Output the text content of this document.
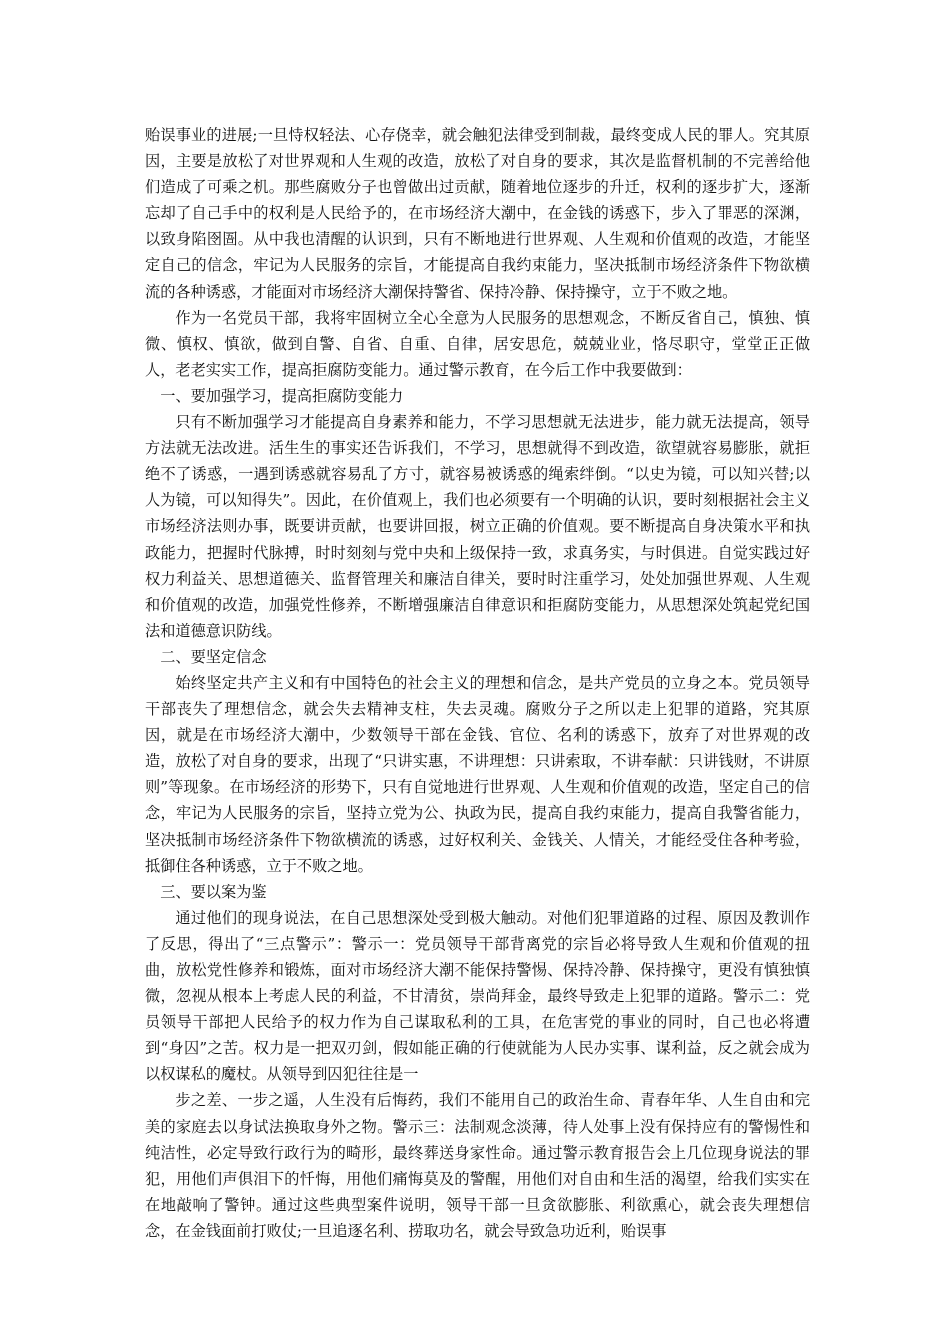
贻误事业的进展;一旦恃权轻法、心存侥幸，就会触犯法律受到制裁，最终变成人民的罪人。究其原因，主要是放松了对世界观和人生观的改造，放松了对自身的要求，其次是监督机制的不完善给他们造成了可乘之机。那些腐败分子也曾做出过贡献，随着地位逐步的升迁，权利的逐步扩大，逐渐忘却了自己手中的权利是人民给予的，在市场经济大潮中，在金钱的诱惑下，步入了罪恶的深渊，以致身陷囹圄。从中我也清醒的认识到，只有不断地进行世界观、人生观和价值观的改造，才能坚定自己的信念，牢记为人民服务的宗旨，才能提高自我约束能力，坚决抵制市场经济条件下物欲横流的各种诱惑，才能面对市场经济大潮保持警省、保持冷静、保持操守，立于不败之地。

作为一名党员干部，我将牢固树立全心全意为人民服务的思想观念，不断反省自己，慎独、慎微、慎权、慎欲，做到自警、自省、自重、自律，居安思危，兢兢业业，恪尽职守，堂堂正正做人，老老实实工作，提高拒腐防变能力。通过警示教育，在今后工作中我要做到：

一、要加强学习，提高拒腐防变能力

只有不断加强学习才能提高自身素养和能力，不学习思想就无法进步，能力就无法提高，领导方法就无法改进。活生生的事实还告诉我们，不学习，思想就得不到改造，欲望就容易膨胀，就拒绝不了诱惑，一遇到诱惑就容易乱了方寸，就容易被诱惑的绳索绊倒。“以史为镜，可以知兴替;以人为镜，可以知得失”。因此，在价值观上，我们也必须要有一个明确的认识，要时刻根据社会主义市场经济法则办事，既要讲贡献，也要讲回报，树立正确的价值观。要不断提高自身决策水平和执政能力，把握时代脉搏，时时刻刻与党中央和上级保持一致，求真务实，与时俱进。自觉实践过好权力利益关、思想道德关、监督管理关和廉洁自律关，要时时注重学习，处处加强世界观、人生观和价值观的改造，加强党性修养，不断增强廉洁自律意识和拒腐防变能力，从思想深处筑起党纪国法和道德意识防线。

二、要坚定信念

始终坚定共产主义和有中国特色的社会主义的理想和信念，是共产党员的立身之本。党员领导干部丧失了理想信念，就会失去精神支柱，失去灵魂。腐败分子之所以走上犯罪的道路，究其原因，就是在市场经济大潮中，少数领导干部在金钱、官位、名利的诱惑下，放弃了对世界观的改造，放松了对自身的要求，出现了“只讲实惠，不讲理想：只讲索取，不讲奉献：只讲钱财，不讲原则”等现象。在市场经济的形势下，只有自觉地进行世界观、人生观和价值观的改造，坚定自己的信念，牢记为人民服务的宗旨，坚持立党为公、执政为民，提高自我约束能力，提高自我警省能力，坚决抵制市场经济条件下物欲横流的诱惑，过好权利关、金钱关、人情关，才能经受住各种考验，抵御住各种诱惑，立于不败之地。

三、要以案为鉴

通过他们的现身说法，在自己思想深处受到极大触动。对他们犯罪道路的过程、原因及教训作了反思，得出了“三点警示”：警示一：党员领导干部背离党的宗旨必将导致人生观和价值观的扭曲，放松党性修养和锻炼，面对市场经济大潮不能保持警惕、保持冷静、保持操守，更没有慎独慎微，忽视从根本上考虑人民的利益，不甘清贫，崇尚拜金，最终导致走上犯罪的道路。警示二：党员领导干部把人民给予的权力作为自己谋取私利的工具，在危害党的事业的同时，自己也必将遭到“身囚”之苦。权力是一把双刃剑，假如能正确的行使就能为人民办实事、谋利益，反之就会成为以权谋私的魔杖。从领导到囚犯往往是一

步之差、一步之遥，人生没有后悔药，我们不能用自己的政治生命、青春年华、人生自由和完美的家庭去以身试法换取身外之物。警示三：法制观念淡薄，待人处事上没有保持应有的警惕性和纯洁性，必定导致行政行为的畸形，最终葬送身家性命。通过警示教育报告会上几位现身说法的罪犯，用他们声俱泪下的忏悔，用他们痛悔莫及的警醒，用他们对自由和生活的渴望，给我们实实在在地敲响了警钟。通过这些典型案件说明，领导干部一旦贪欲膨胀、利欲熏心，就会丧失理想信念，在金钱面前打败仗;一旦追逐名利、捞取功名，就会导致急功近利，贻误事
